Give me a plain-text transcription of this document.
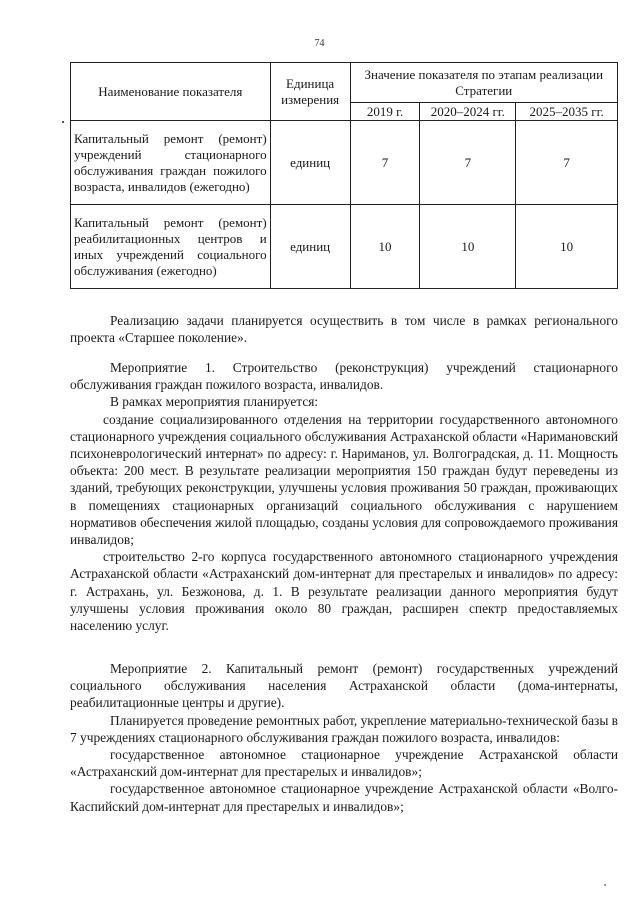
74
Наименование показателя	Единица измерения	Значение показателя по этапам реализации Стратегии		
		2019 г.	2020–2024 гг.	2025–2035 гг.
Капитальный ремонт (ремонт) учреждений стационарного обслуживания граждан пожилого возраста, инвалидов (ежегодно)	единиц	7	7	7
Капитальный ремонт (ремонт) реабилитационных центров и иных учреждений социального обслуживания (ежегодно)	единиц	10	10	10

Реализацию задачи планируется осуществить в том числе в рамках регионального проекта «Старшее поколение».

Мероприятие 1. Строительство (реконструкция) учреждений стационарного обслуживания граждан пожилого возраста, инвалидов.

В рамках мероприятия планируется:

создание социализированного отделения на территории государственного автономного стационарного учреждения социального обслуживания Астраханской области «Наримановский психоневрологический интернат» по адресу: г. Нариманов, ул. Волгоградская, д. 11. Мощность объекта: 200 мест. В результате реализации мероприятия 150 граждан будут переведены из зданий, требующих реконструкции, улучшены условия проживания 50 граждан, проживающих в помещениях стационарных организаций социального обслуживания с нарушением нормативов обеспечения жилой площадью, созданы условия для сопровождаемого проживания инвалидов;

строительство 2-го корпуса государственного автономного стационарного учреждения Астраханской области «Астраханский дом-интернат для престарелых и инвалидов» по адресу: г. Астрахань, ул. Безжонова, д. 1. В результате реализации данного мероприятия будут улучшены условия проживания около 80 граждан, расширен спектр предоставляемых населению услуг.

Мероприятие 2. Капитальный ремонт (ремонт) государственных учреждений социального обслуживания населения Астраханской области (дома-интернаты, реабилитационные центры и другие).

Планируется проведение ремонтных работ, укрепление материально-технической базы в 7 учреждениях стационарного обслуживания граждан пожилого возраста, инвалидов:

государственное автономное стационарное учреждение Астраханской области «Астраханский дом-интернат для престарелых и инвалидов»;

государственное автономное стационарное учреждение Астраханской области «Волго-Каспийский дом-интернат для престарелых и инвалидов»;
